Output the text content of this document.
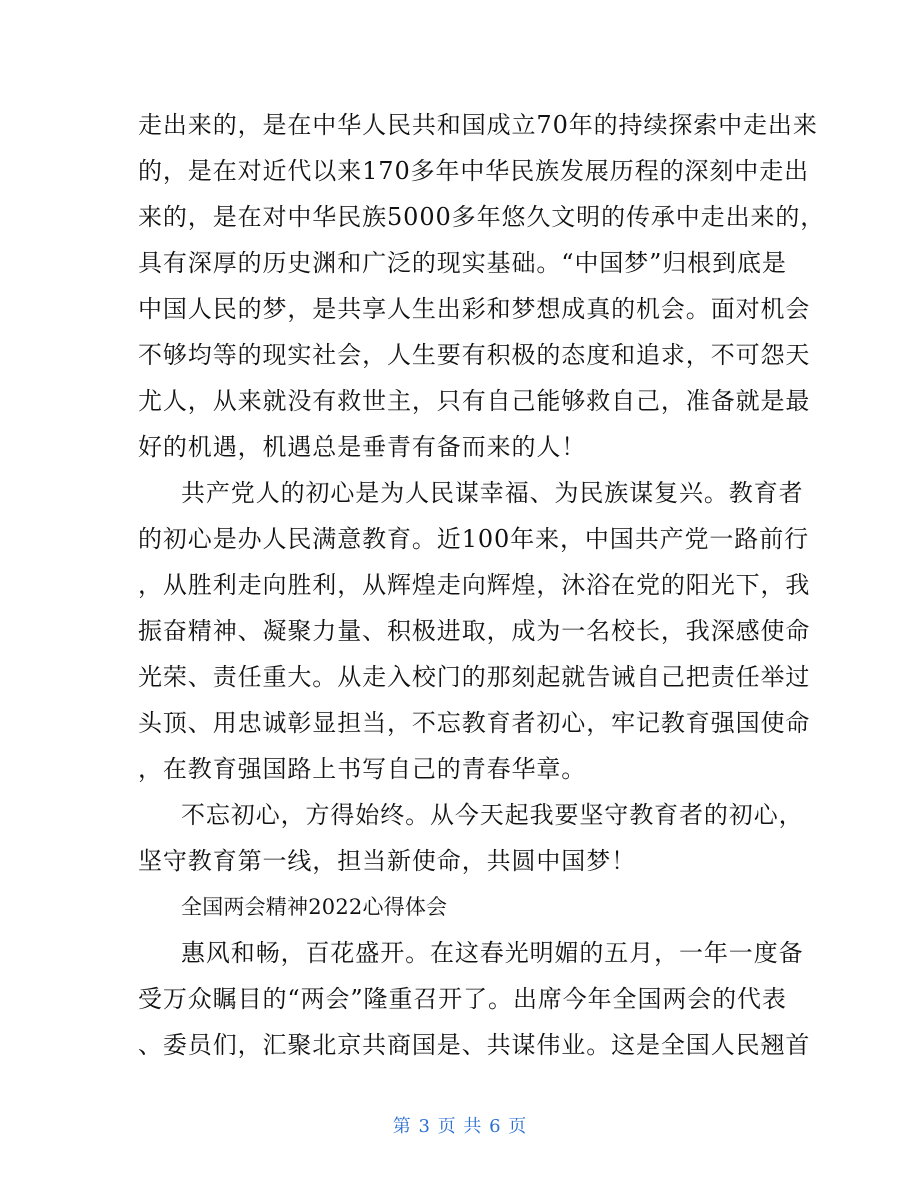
走出来的，是在中华人民共和国成立70年的持续探索中走出来
的，是在对近代以来170多年中华民族发展历程的深刻中走出
来的，是在对中华民族5000多年悠久文明的传承中走出来的，
具有深厚的历史渊和广泛的现实基础。“中国梦”归根到底是
中国人民的梦，是共享人生出彩和梦想成真的机会。面对机会
不够均等的现实社会，人生要有积极的态度和追求，不可怨天
尤人，从来就没有救世主，只有自己能够救自己，准备就是最
好的机遇，机遇总是垂青有备而来的人！
共产党人的初心是为人民谋幸福、为民族谋复兴。教育者
的初心是办人民满意教育。近100年来，中国共产党一路前行
，从胜利走向胜利，从辉煌走向辉煌，沐浴在党的阳光下，我
振奋精神、凝聚力量、积极进取，成为一名校长，我深感使命
光荣、责任重大。从走入校门的那刻起就告诫自己把责任举过
头顶、用忠诚彰显担当，不忘教育者初心，牢记教育强国使命
，在教育强国路上书写自己的青春华章。
不忘初心，方得始终。从今天起我要坚守教育者的初心，
坚守教育第一线，担当新使命，共圆中国梦！
全国两会精神2022心得体会
惠风和畅，百花盛开。在这春光明媚的五月，一年一度备
受万众瞩目的“两会”隆重召开了。出席今年全国两会的代表
、委员们，汇聚北京共商国是、共谋伟业。这是全国人民翘首
第 3 页 共 6 页
